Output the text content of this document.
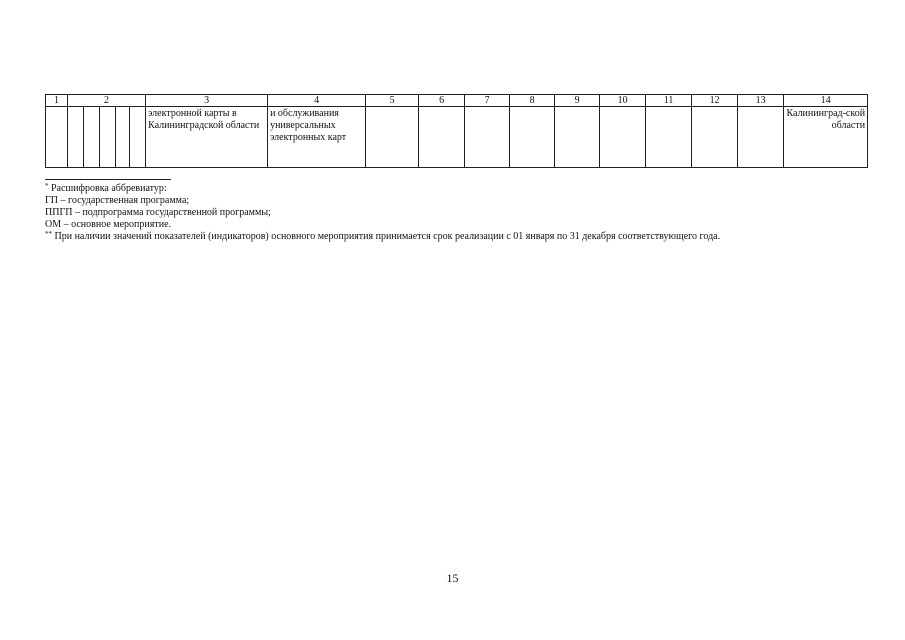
1	2					3	4	5	6	7	8	9	10	11	12	13	14
						электронной карты в Калининградской области	и обслуживания универсальных электронных карт										Калининград-ской области
* Расшифровка аббревиатур:
ГП – государственная программа;
ППГП – подпрограмма государственной программы;
ОМ – основное мероприятие.
** При наличии значений показателей (индикаторов) основного мероприятия принимается срок реализации с 01 января по 31 декабря соответствующего года.
15
